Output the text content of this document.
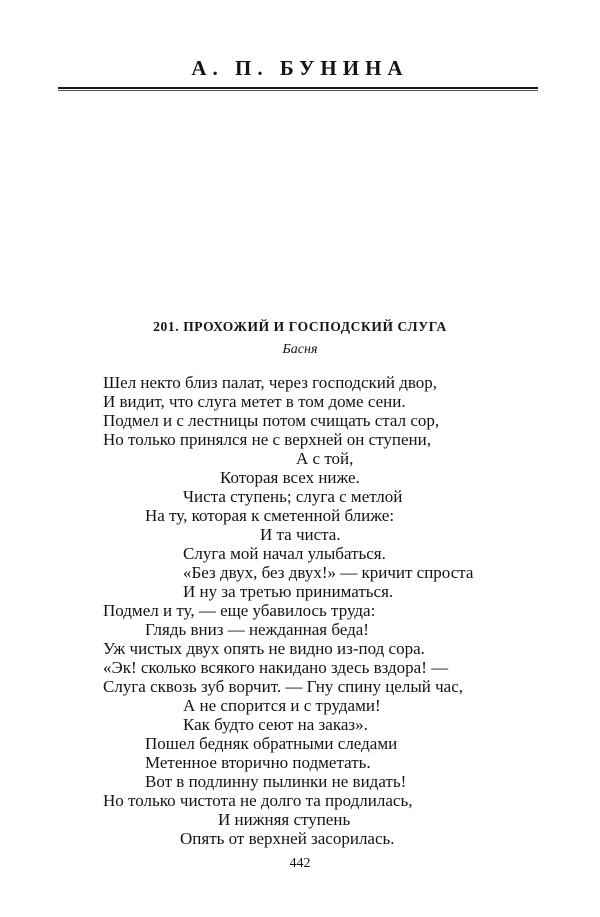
А. П. БУНИНА
201. ПРОХОЖИЙ И ГОСПОДСКИЙ СЛУГА
Басня
Шел некто близ палат, через господский двор,
И видит, что слуга метет в том доме сени.
Подмел и с лестницы потом счищать стал сор,
Но только принялся не с верхней он ступени,
А с той,
Которая всех ниже.
Чиста ступень; слуга с метлой
На ту, которая к сметенной ближе:
И та чиста.
Слуга мой начал улыбаться.
«Без двух, без двух!» — кричит спроста
И ну за третью приниматься.
Подмел и ту, — еще убавилось труда:
Глядь вниз — нежданная беда!
Уж чистых двух опять не видно из-под сора.
«Эк! сколько всякого накидано здесь вздора! —
Слуга сквозь зуб ворчит. — Гну спину целый час,
А не спорится и с трудами!
Как будто сеют на заказ».
Пошел бедняк обратными следами
Метенное вторично подметать.
Вот в подлинну пылинки не видать!
Но только чистота не долго та продлилась,
И нижняя ступень
Опять от верхней засорилась.
442
